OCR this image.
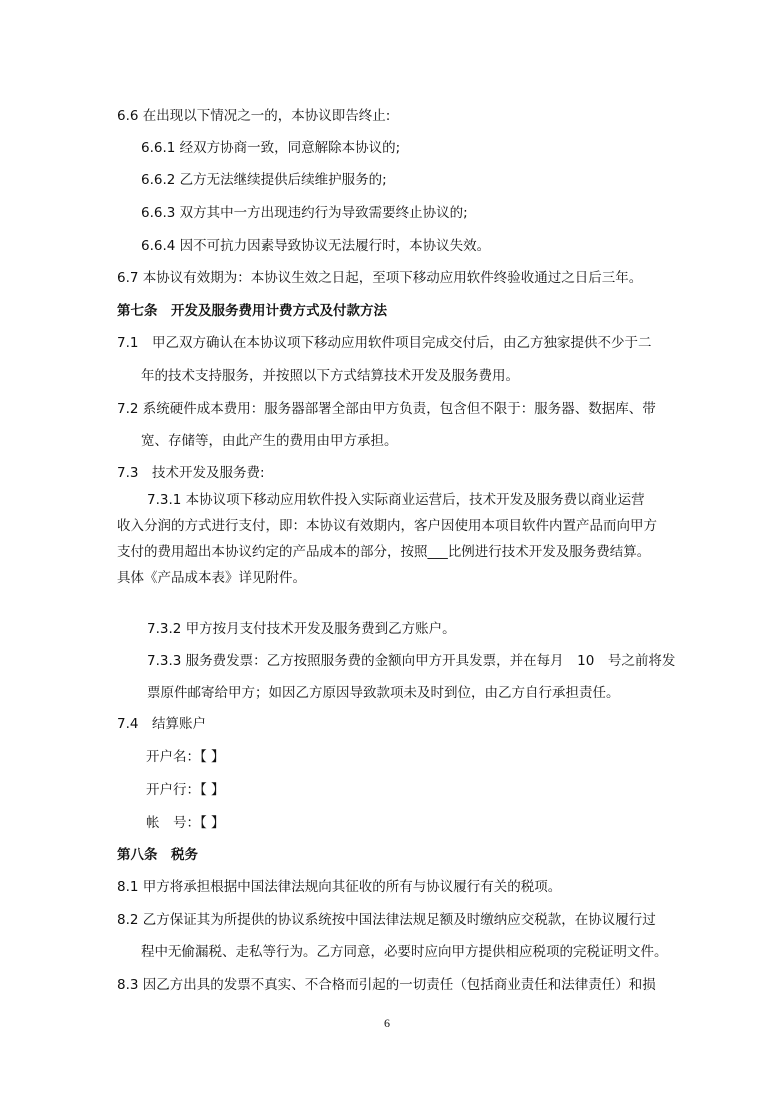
6.6 在出现以下情况之一的，本协议即告终止:
6.6.1 经双方协商一致，同意解除本协议的;
6.6.2 乙方无法继续提供后续维护服务的;
6.6.3 双方其中一方出现违约行为导致需要终止协议的;
6.6.4 因不可抗力因素导致协议无法履行时，本协议失效。
6.7 本协议有效期为：本协议生效之日起，至项下移动应用软件终验收通过之日后三年。
第七条　开发及服务费用计费方式及付款方法
7.1　甲乙双方确认在本协议项下移动应用软件项目完成交付后，由乙方独家提供不少于二
年的技术支持服务，并按照以下方式结算技术开发及服务费用。
7.2 系统硬件成本费用：服务器部署全部由甲方负责，包含但不限于：服务器、数据库、带
宽、存储等，由此产生的费用由甲方承担。
7.3　技术开发及服务费:
7.3.1 本协议项下移动应用软件投入实际商业运营后，技术开发及服务费以商业运营
收入分润的方式进行支付，即：本协议有效期内，客户因使用本项目软件内置产品而向甲方
支付的费用超出本协议约定的产品成本的部分，按照___比例进行技术开发及服务费结算。
具体《产品成本表》详见附件。
7.3.2 甲方按月支付技术开发及服务费到乙方账户。
7.3.3 服务费发票：乙方按照服务费的金额向甲方开具发票，并在每月　10　号之前将发
票原件邮寄给甲方；如因乙方原因导致款项未及时到位，由乙方自行承担责任。
7.4　结算账户
开户名：【 】
开户行：【 】
帐　号：【 】
第八条　税务
8.1 甲方将承担根据中国法律法规向其征收的所有与协议履行有关的税项。
8.2 乙方保证其为所提供的协议系统按中国法律法规足额及时缴纳应交税款，在协议履行过
程中无偷漏税、走私等行为。乙方同意，必要时应向甲方提供相应税项的完税证明文件。
8.3 因乙方出具的发票不真实、不合格而引起的一切责任（包括商业责任和法律责任）和损
6
